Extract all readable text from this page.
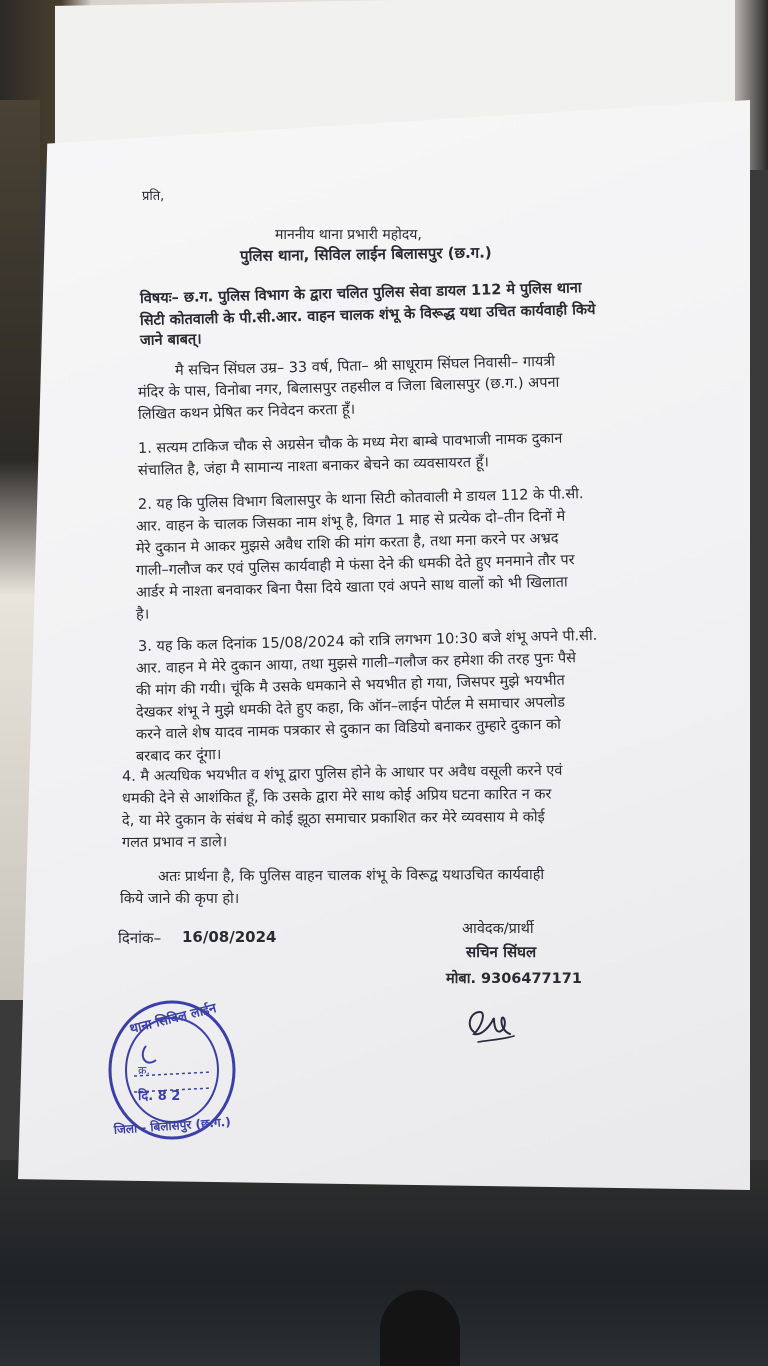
प्रति,
माननीय थाना प्रभारी महोदय,
पुलिस थाना, सिविल लाईन बिलासपुर (छ.ग.)
विषयः– छ.ग. पुलिस विभाग के द्वारा चलित पुलिस सेवा डायल 112 मे पुलिस थाना
सिटी कोतवाली के पी.सी.आर. वाहन चालक शंभू के विरूद्ध यथा उचित कार्यवाही किये
जाने बाबत्।
मै सचिन सिंघल उम्र– 33 वर्ष, पिता– श्री साधूराम सिंघल निवासी– गायत्री
मंदिर के पास, विनोबा नगर, बिलासपुर तहसील व जिला बिलासपुर (छ.ग.) अपना
लिखित कथन प्रेषित कर निवेदन करता हूँ।
1. सत्यम टाकिज चौक से अग्रसेन चौक के मध्य मेरा बाम्बे पावभाजी नामक दुकान
संचालित है, जंहा मै सामान्य नाश्ता बनाकर बेचने का व्यवसायरत हूँ।
2. यह कि पुलिस विभाग बिलासपुर के थाना सिटी कोतवाली मे डायल 112 के पी.सी.
आर. वाहन के चालक जिसका नाम शंभू है, विगत 1 माह से प्रत्येक दो–तीन दिनों मे
मेरे दुकान मे आकर मुझसे अवैध राशि की मांग करता है, तथा मना करने पर अभ्रद
गाली–गलौज कर एवं पुलिस कार्यवाही मे फंसा देने की धमकी देते हुए मनमाने तौर पर
आर्डर मे नाश्ता बनवाकर बिना पैसा दिये खाता एवं अपने साथ वालों को भी खिलाता
है।
3. यह कि कल दिनांक 15/08/2024 को रात्रि लगभग 10:30 बजे शंभू अपने पी.सी.
आर. वाहन मे मेरे दुकान आया, तथा मुझसे गाली–गलौज कर हमेशा की तरह पुनः पैसे
की मांग की गयी। चूंकि मै उसके धमकाने से भयभीत हो गया, जिसपर मुझे भयभीत
देखकर शंभू ने मुझे धमकी देते हुए कहा, कि ऑन–लाईन पोर्टल मे समाचार अपलोड
करने वाले शेष यादव नामक पत्रकार से दुकान का विडियो बनाकर तुम्हारे दुकान को
बरबाद कर दूंगा।
4. मै अत्यधिक भयभीत व शंभू द्वारा पुलिस होने के आधार पर अवैध वसूली करने एवं
धमकी देने से आशंकित हूँ, कि उसके द्वारा मेरे साथ कोई अप्रिय घटना कारित न कर
दे, या मेरे दुकान के संबंध मे कोई झूठा समाचार प्रकाशित कर मेरे व्यवसाय मे कोई
गलत प्रभाव न डाले।
अतः प्रार्थना है, कि पुलिस वाहन चालक शंभू के विरूद्व यथाउचित कार्यवाही
किये जाने की कृपा हो।
दिनांक– 16/08/2024	आवेदक/प्रार्थी
सचिन सिंघल
मोबा. 9306477171
थाना सिविल लाईन
क्र.
दि. 8 2
जिला - बिलासपुर (छ.ग.)
